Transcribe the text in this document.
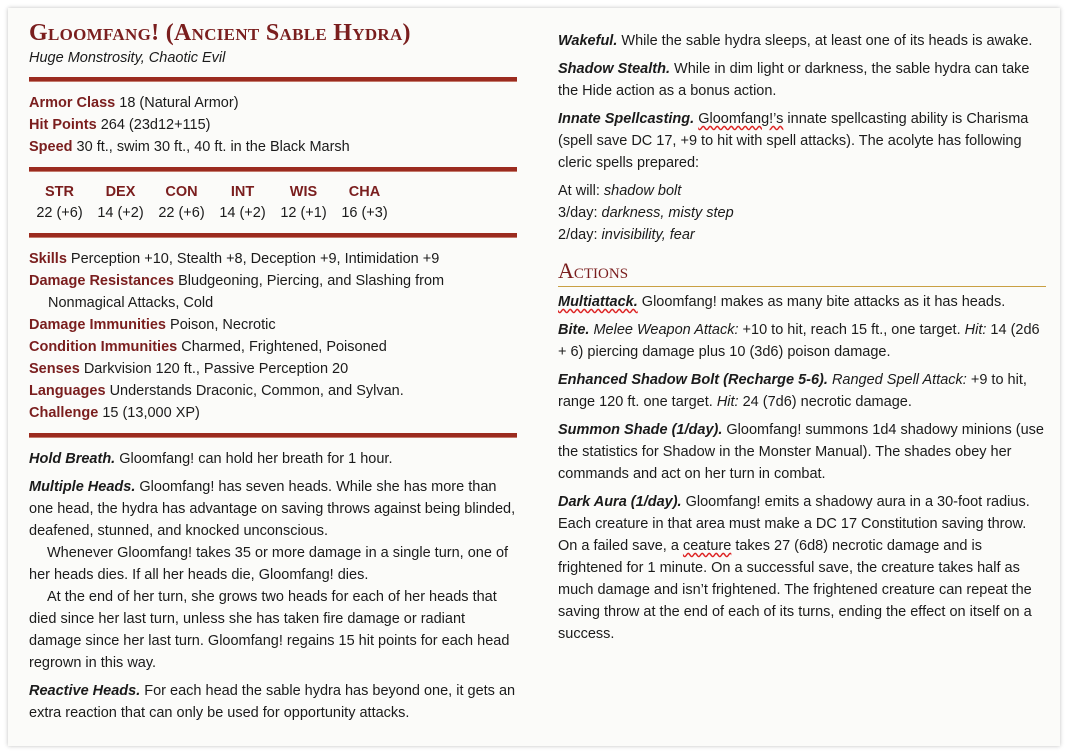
Gloomfang! (Ancient Sable Hydra)

Huge Monstrosity, Chaotic Evil

Armor Class 18 (Natural Armor)

Hit Points 264 (23d12+115)

Speed 30 ft., swim 30 ft., 40 ft. in the Black Marsh

STR
22 (+6)
DEX
14 (+2)
CON
22 (+6)
INT
14 (+2)
WIS
12 (+1)
CHA
16 (+3)

Skills Perception +10, Stealth +8, Deception +9, Intimidation +9

Damage Resistances Bludgeoning, Piercing, and Slashing from

Nonmagical Attacks, Cold

Damage Immunities Poison, Necrotic

Condition Immunities Charmed, Frightened, Poisoned

Senses Darkvision 120 ft., Passive Perception 20

Languages Understands Draconic, Common, and Sylvan.

Challenge 15 (13,000 XP)

Hold Breath. Gloomfang! can hold her breath for 1 hour.

Multiple Heads. Gloomfang! has seven heads. While she has more than one head, the hydra has advantage on saving throws against being blinded, deafened, stunned, and knocked unconscious.

Whenever Gloomfang! takes 35 or more damage in a single turn, one of her heads dies. If all her heads die, Gloomfang! dies.

At the end of her turn, she grows two heads for each of her heads that died since her last turn, unless she has taken fire damage or radiant damage since her last turn. Gloomfang! regains 15 hit points for each head regrown in this way.

Reactive Heads. For each head the sable hydra has beyond one, it gets an extra reaction that can only be used for opportunity attacks.

Wakeful. While the sable hydra sleeps, at least one of its heads is awake.

Shadow Stealth. While in dim light or darkness, the sable hydra can take the Hide action as a bonus action.

Innate Spellcasting. Gloomfang!’s innate spellcasting ability is Charisma (spell save DC 17, +9 to hit with spell attacks). The acolyte has following cleric spells prepared:

At will: shadow bolt

3/day: darkness, misty step

2/day: invisibility, fear

Actions

Multiattack. Gloomfang! makes as many bite attacks as it has heads.

Bite. Melee Weapon Attack: +10 to hit, reach 15 ft., one target. Hit: 14 (2d6 + 6) piercing damage plus 10 (3d6) poison damage.

Enhanced Shadow Bolt (Recharge 5-6). Ranged Spell Attack: +9 to hit, range 120 ft. one target. Hit: 24 (7d6) necrotic damage.

Summon Shade (1/day). Gloomfang! summons 1d4 shadowy minions (use the statistics for Shadow in the Monster Manual). The shades obey her commands and act on her turn in combat.

Dark Aura (1/day). Gloomfang! emits a shadowy aura in a 30-foot radius. Each creature in that area must make a DC 17 Constitution saving throw. On a failed save, a ceature takes 27 (6d8) necrotic damage and is frightened for 1 minute. On a successful save, the creature takes half as much damage and isn’t frightened. The frightened creature can repeat the saving throw at the end of each of its turns, ending the effect on itself on a success.
